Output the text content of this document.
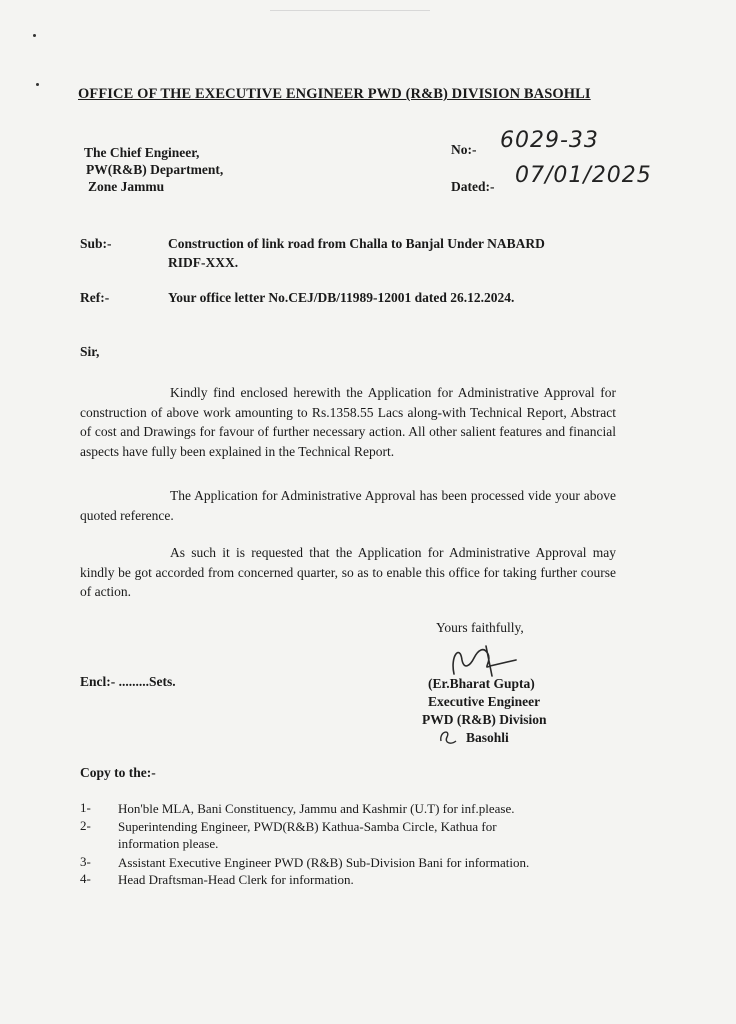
OFFICE OF THE EXECUTIVE ENGINEER PWD (R&B) DIVISION BASOHLI
The Chief Engineer,
PW(R&B) Department,
Zone Jammu
No:- 6029-33
Dated:- 07/01/2025
Sub:-	Construction of link road from Challa to Banjal Under NABARD
RIDF-XXX.
Ref:-	Your office letter No.CEJ/DB/11989-12001 dated 26.12.2024.
Sir,
Kindly find enclosed herewith the Application for Administrative Approval for construction of above work amounting to Rs.1358.55 Lacs along-with Technical Report, Abstract of cost and Drawings for favour of further necessary action. All other salient features and financial aspects have fully been explained in the Technical Report.
The Application for Administrative Approval has been processed vide your above quoted reference.
As such it is requested that the Application for Administrative Approval may kindly be got accorded from concerned quarter, so as to enable this office for taking further course of action.
Yours faithfully,
Encl:- .........Sets.	(Er.Bharat Gupta)
Executive Engineer
PWD (R&B) Division
Basohli
Copy to the:-
1- Hon'ble MLA, Bani Constituency, Jammu and Kashmir (U.T) for inf.please.
2- Superintending Engineer, PWD(R&B) Kathua-Samba Circle, Kathua for
information please.
3- Assistant Executive Engineer PWD (R&B) Sub-Division Bani for information.
4- Head Draftsman-Head Clerk for information.
